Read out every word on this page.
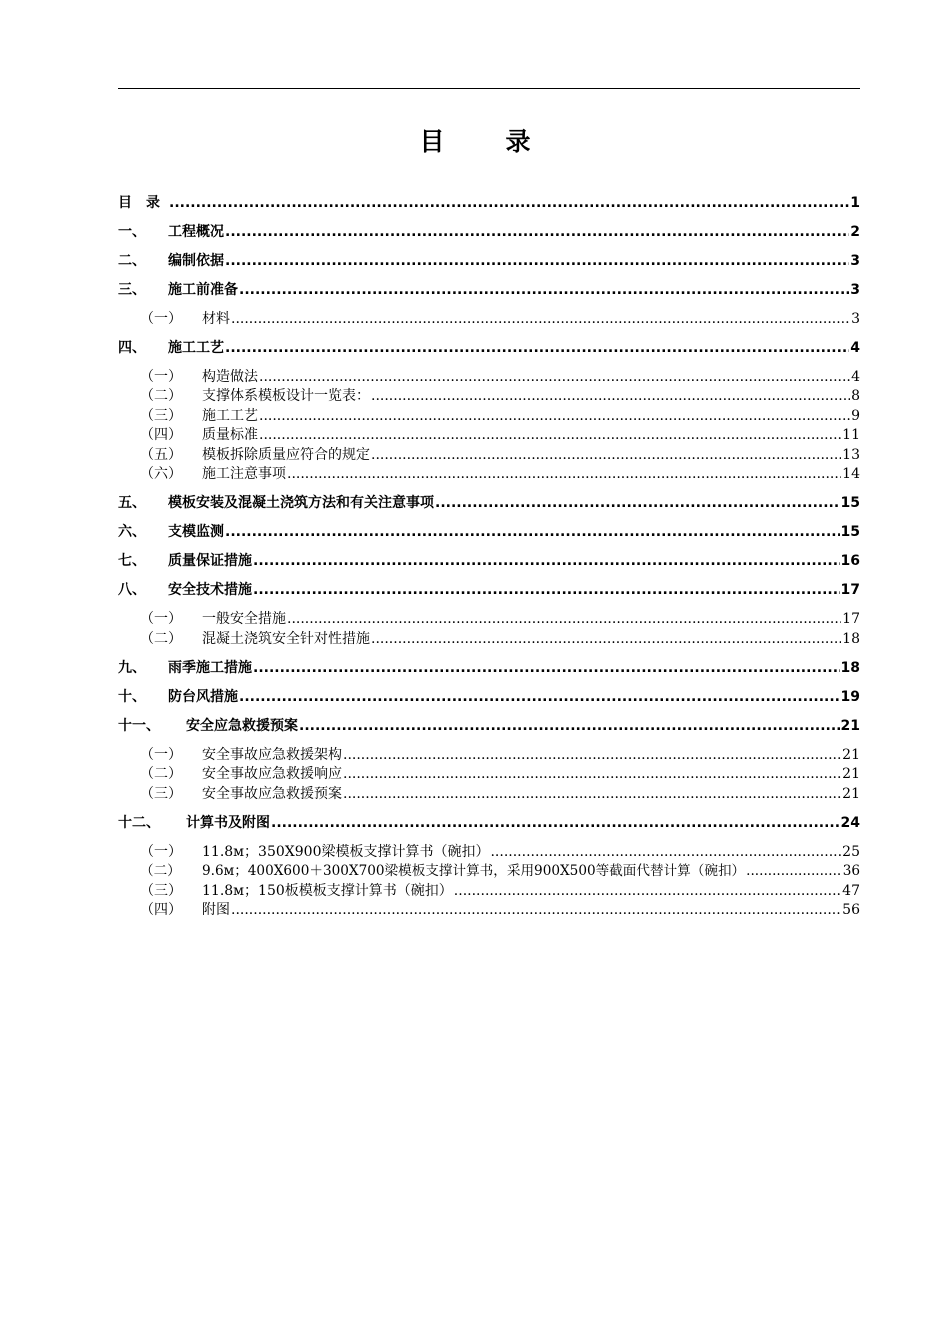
目　录
目　录 .....	1
一、	工程概况 .....	2
二、	编制依据 .....	3
三、	施工前准备 .....	3
（一）	材料 .....	3
四、	施工工艺 .....	4
（一）	构造做法 .....	4
（二）	支撑体系模板设计一览表： .....	8
（三）	施工工艺 .....	9
（四）	质量标准 .....	11
（五）	模板拆除质量应符合的规定 .....	13
（六）	施工注意事项 .....	14
五、	模板安装及混凝土浇筑方法和有关注意事项 .....	15
六、	支模监测 .....	15
七、	质量保证措施 .....	16
八、	安全技术措施 .....	17
（一）	一般安全措施 .....	17
（二）	混凝土浇筑安全针对性措施 .....	18
九、	雨季施工措施 .....	18
十、	防台风措施 .....	19
十一、	安全应急救援预案 .....	21
（一）	安全事故应急救援架构 .....	21
（二）	安全事故应急救援响应 .....	21
（三）	安全事故应急救援预案 .....	21
十二、	计算书及附图 .....	24
（一）	11.8м；350X900梁模板支撑计算书（碗扣） .....	25
（二）	9.6м；400X600＋300X700梁模板支撑计算书，采用900X500等截面代替计算（碗扣） .....	36
（三）	11.8м；150板模板支撑计算书（碗扣） .....	47
（四）	附图 .....	56
